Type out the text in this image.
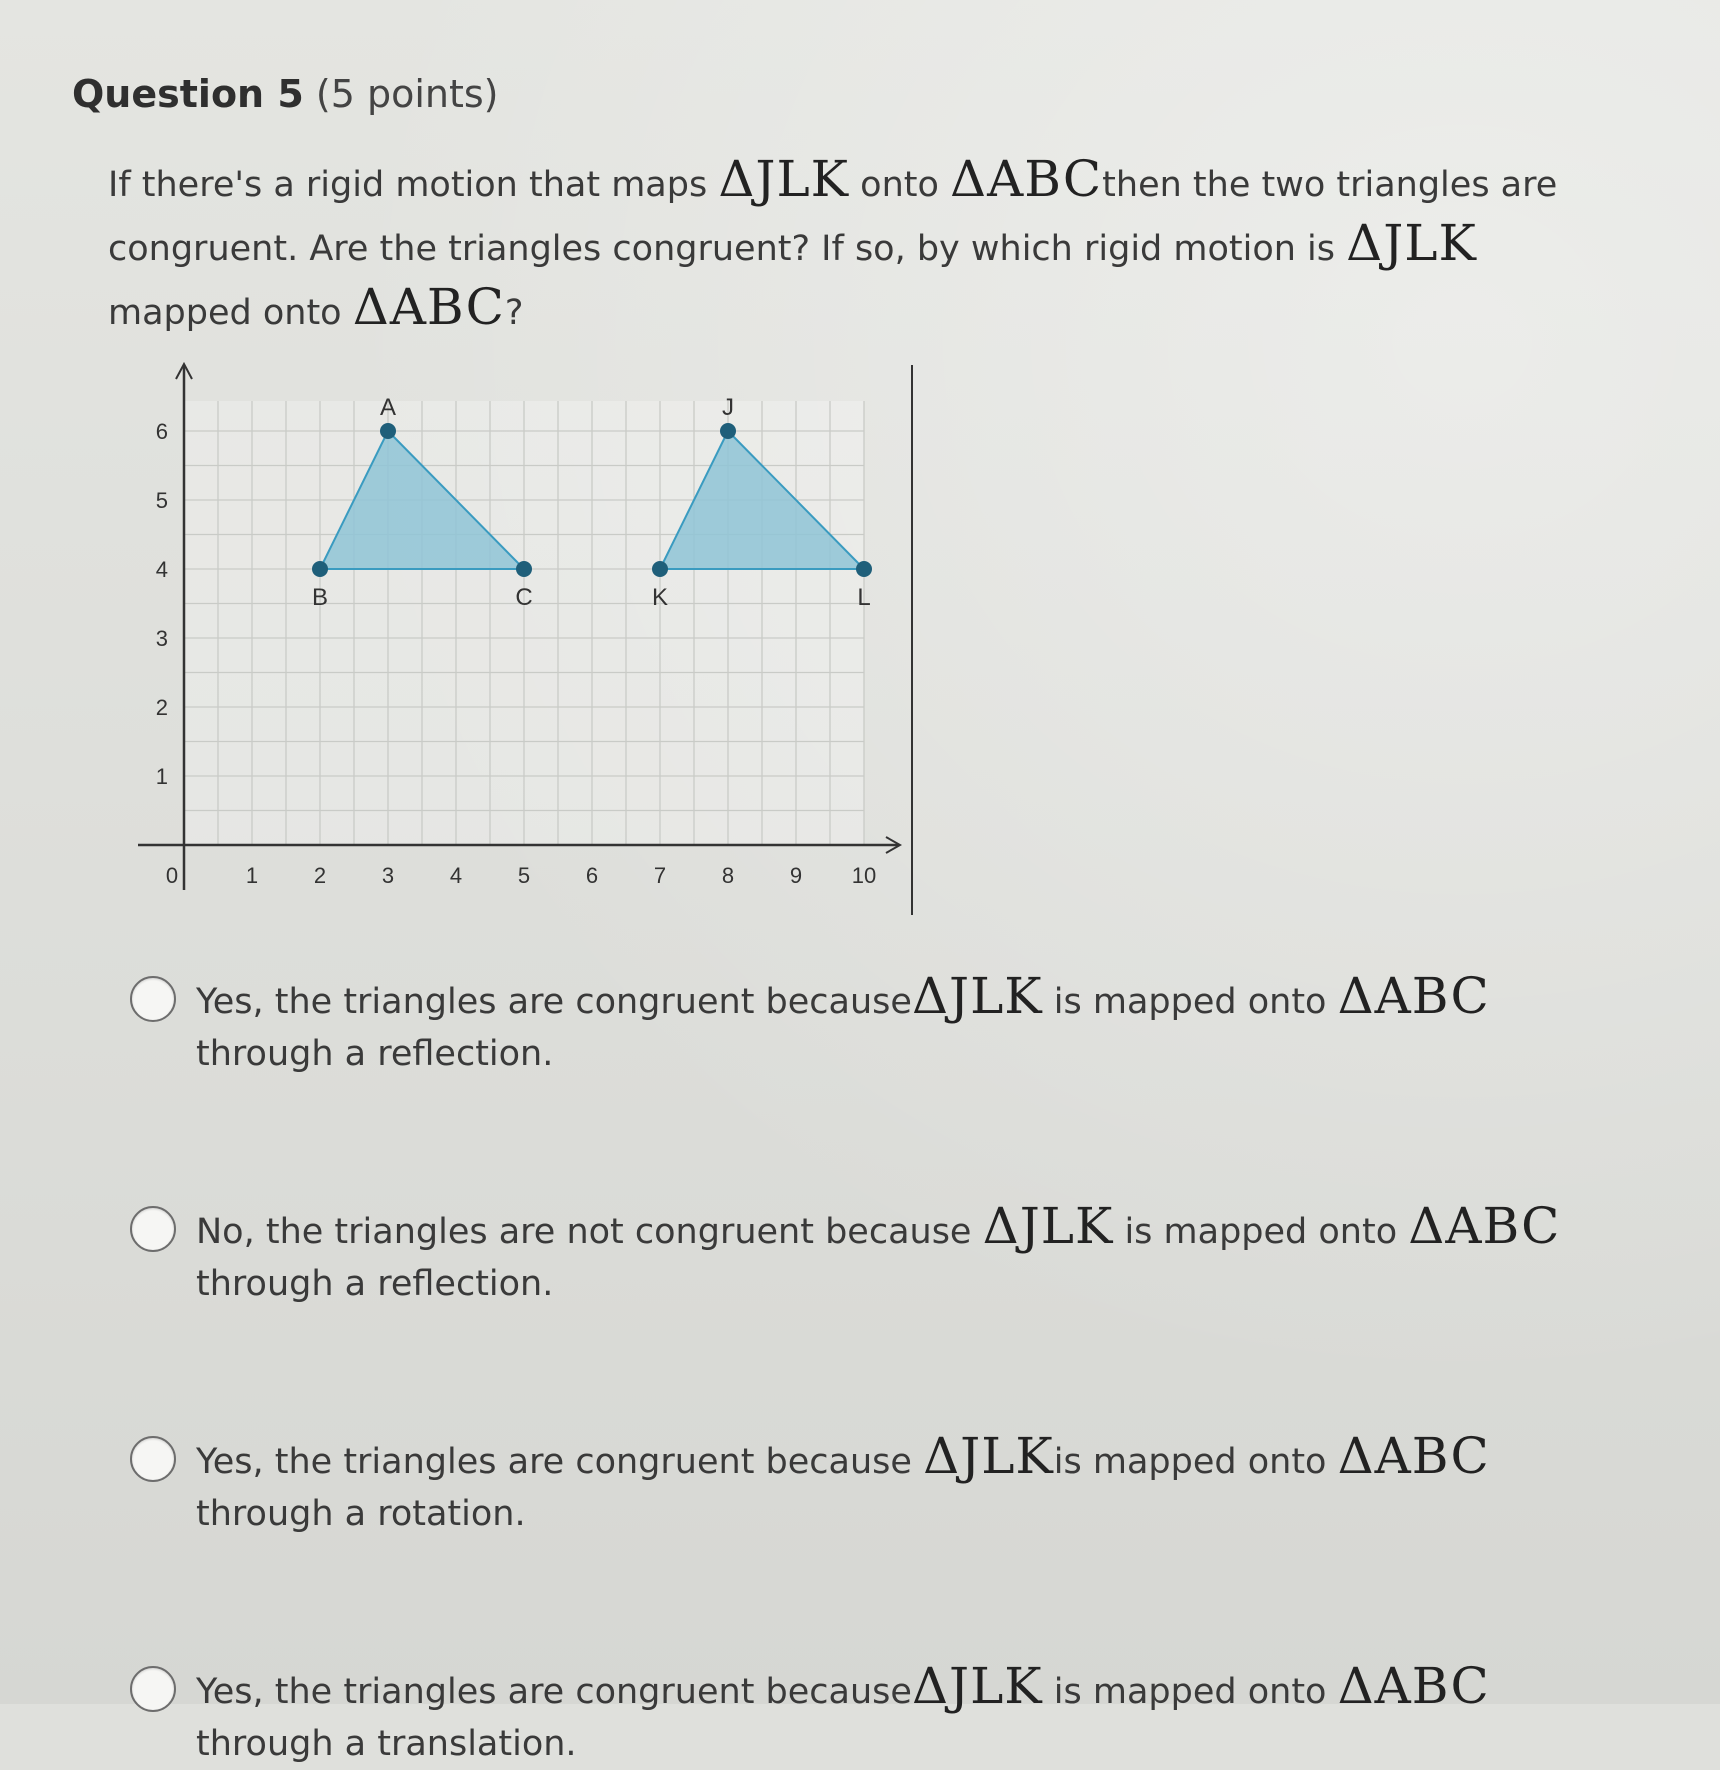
Question 5 (5 points)
If there's a rigid motion that maps ΔJLK onto ΔABCthen the two triangles are congruent. Are the triangles congruent? If so, by which rigid motion is ΔJLK mapped onto ΔABC?
0	1	2	3	4	5	6	7	8	9 10
1
2
3
4
5
6
A
B	C
J
K	L
Yes, the triangles are congruent becauseΔJLK is mapped onto ΔABC through a reflection.
No, the triangles are not congruent because ΔJLK is mapped onto ΔABC through a reflection.
Yes, the triangles are congruent because ΔJLKis mapped onto ΔABC through a rotation.
Yes, the triangles are congruent becauseΔJLK is mapped onto ΔABC through a translation.
